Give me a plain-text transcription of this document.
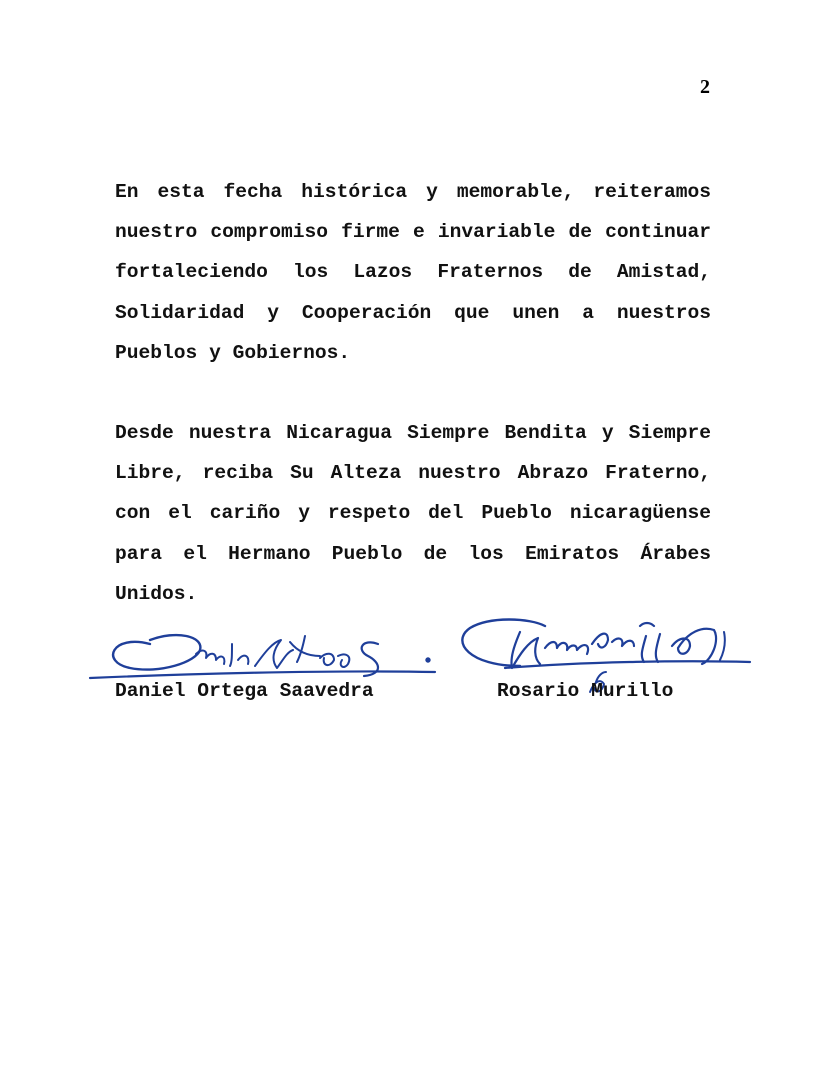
2

En esta fecha histórica y memorable, reiteramos nuestro compromiso firme e invariable de continuar fortaleciendo los Lazos Fraternos de Amistad, Solidaridad y Cooperación que unen a nuestros Pueblos y Gobiernos.

Desde nuestra Nicaragua Siempre Bendita y Siempre Libre, reciba Su Alteza nuestro Abrazo Fraterno, con el cariño y respeto del Pueblo nicaragüense para el Hermano Pueblo de los Emiratos Árabes Unidos.

Daniel Ortega Saavedra	Rosario Murillo
